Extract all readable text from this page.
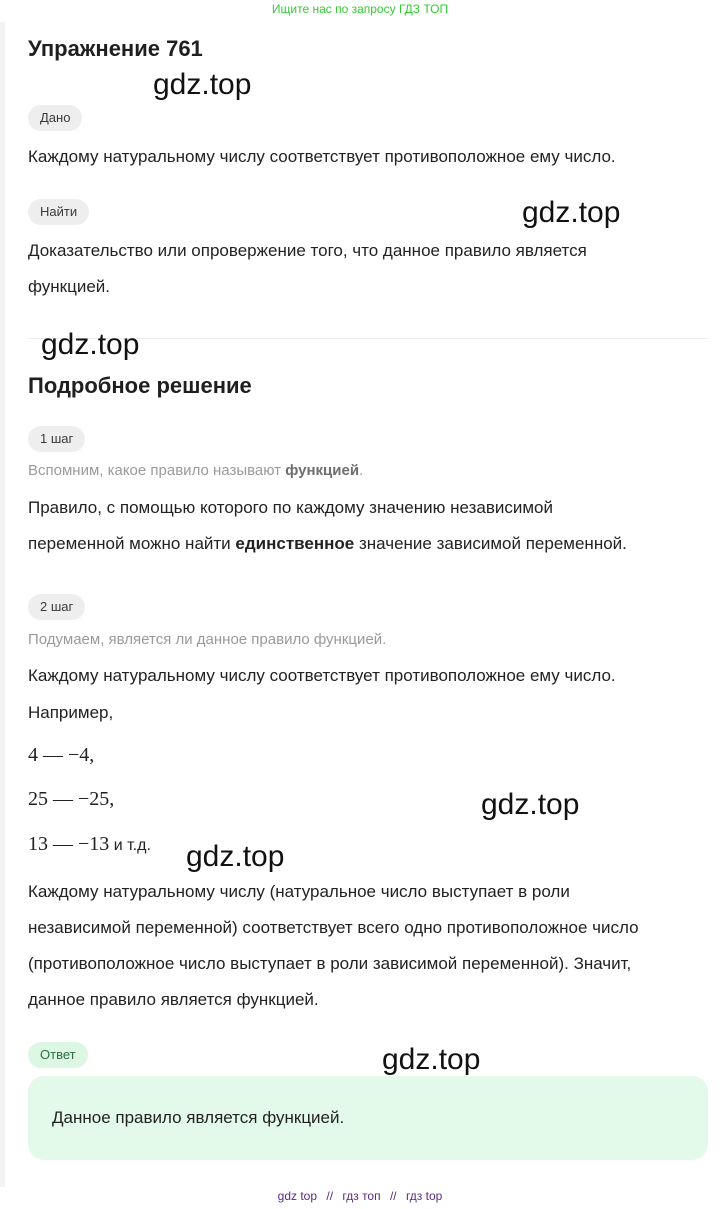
Ищите нас по запросу ГДЗ ТОП
Упражнение 761
Дано
Каждому натуральному числу соответствует противоположное ему число.
Найти
Доказательство или опровержение того, что данное правило является
функцией.
Подробное решение
1 шаг
Вспомним, какое правило называют функцией.
Правило, с помощью которого по каждому значению независимой
переменной можно найти единственное значение зависимой переменной.
2 шаг
Подумаем, является ли данное правило функцией.
Каждому натуральному числу соответствует противоположное ему число.
Например,
4 — −4,
25 — −25,
13 — −13 и т.д.
Каждому натуральному числу (натуральное число выступает в роли
независимой переменной) соответствует всего одно противоположное число
(противоположное число выступает в роли зависимой переменной). Значит,
данное правило является функцией.
Ответ
Данное правило является функцией.
gdz.top
gdz.top
gdz.top
gdz.top
gdz.top
gdz.top
gdz top // гдз топ // гдз top
